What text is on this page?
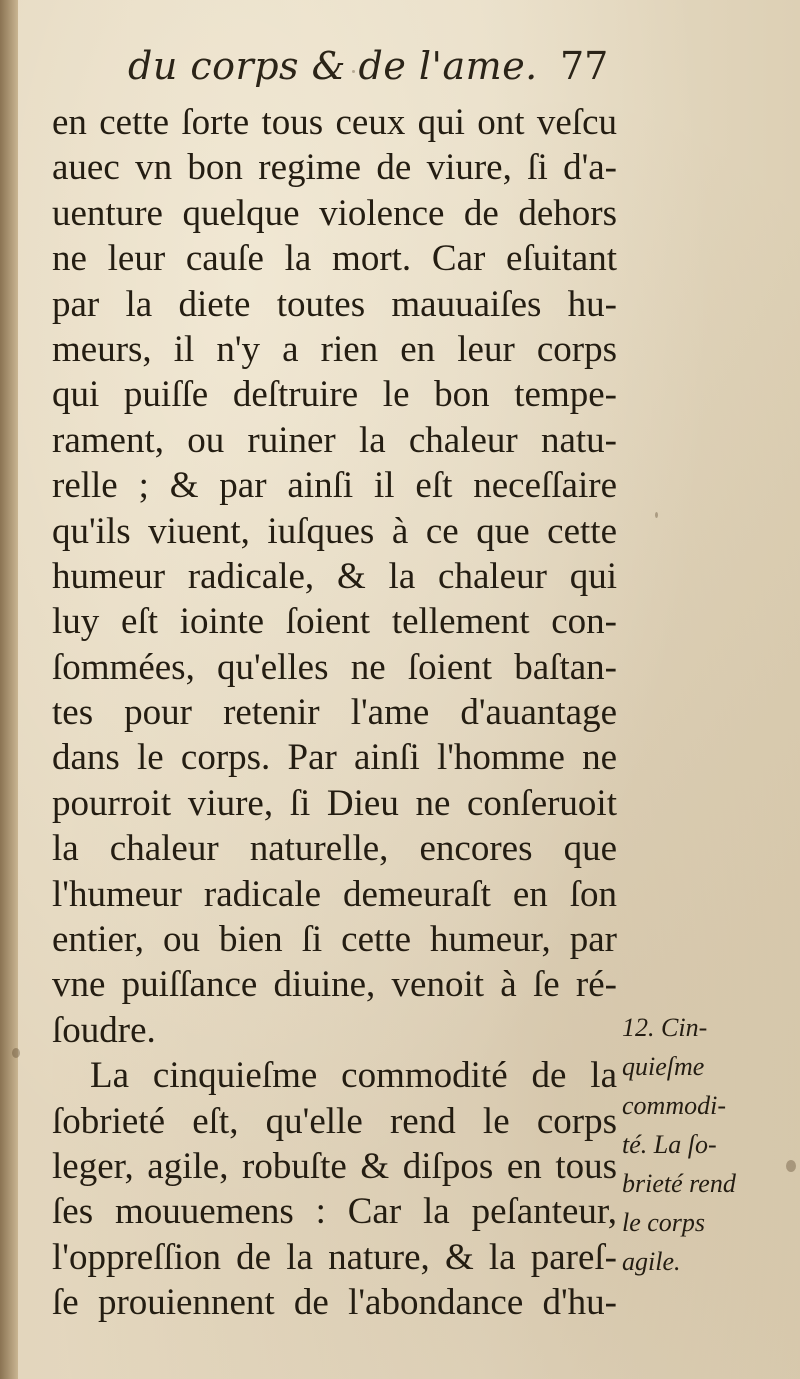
du corps & de l'ame. 77
en cette ſorte tous ceux qui ont veſcu
auec vn bon regime de viure, ſi d'a-
uenture quelque violence de dehors
ne leur cauſe la mort. Car eſuitant
par la diete toutes mauuaiſes hu-
meurs, il n'y a rien en leur corps
qui puiſſe deſtruire le bon tempe-
rament, ou ruiner la chaleur natu-
relle ; & par ainſi il eſt neceſſaire
qu'ils viuent, iuſques à ce que cette
humeur radicale, & la chaleur qui
luy eſt iointe ſoient tellement con-
ſommées, qu'elles ne ſoient baſtan-
tes pour retenir l'ame d'auantage
dans le corps. Par ainſi l'homme ne
pourroit viure, ſi Dieu ne conſeruoit
la chaleur naturelle, encores que
l'humeur radicale demeuraſt en ſon
entier, ou bien ſi cette humeur, par
vne puiſſance diuine, venoit à ſe ré-
ſoudre.
La cinquieſme commodité de la
ſobrieté eſt, qu'elle rend le corps
leger, agile, robuſte & diſpos en tous
ſes mouuemens : Car la peſanteur,
l'oppreſſion de la nature, & la pareſ-
ſe prouiennent de l'abondance d'hu-
12. Cin-
quieſme
commodi-
té. La ſo-
brieté rend
le corps
agile.
